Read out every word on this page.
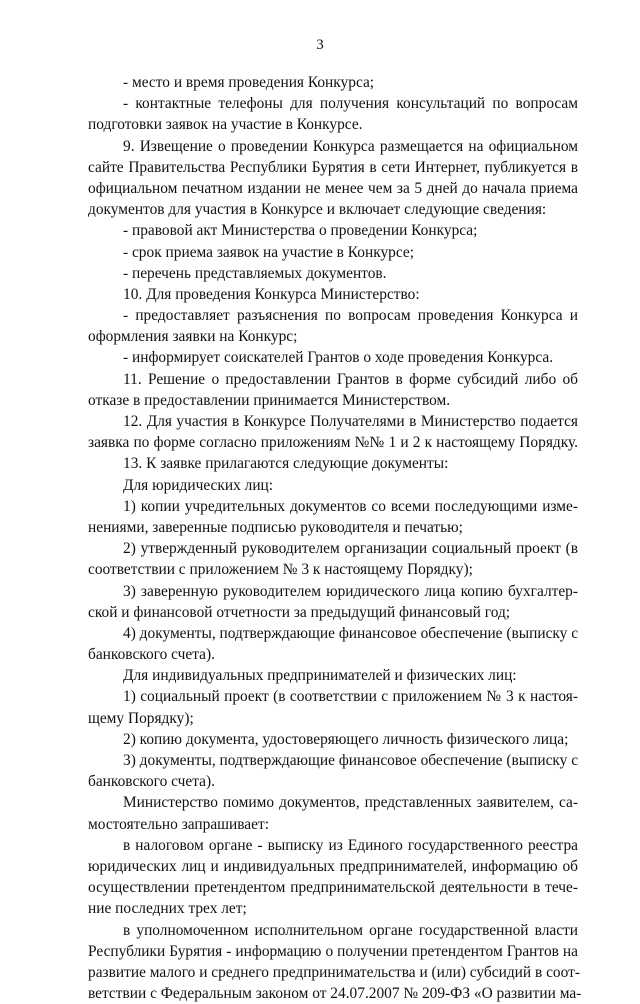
3
- место и время проведения Конкурса;
- контактные телефоны для получения консультаций по вопросам
подготовки заявок на участие в Конкурсе.
9. Извещение о проведении Конкурса размещается на официальном
сайте Правительства Республики Бурятия в сети Интернет, публикуется в
официальном печатном издании не менее чем за 5 дней до начала приема
документов для участия в Конкурсе и включает следующие сведения:
- правовой акт Министерства о проведении Конкурса;
- срок приема заявок на участие в Конкурсе;
- перечень представляемых документов.
10. Для проведения Конкурса Министерство:
- предоставляет разъяснения по вопросам проведения Конкурса и
оформления заявки на Конкурс;
- информирует соискателей Грантов о ходе проведения Конкурса.
11. Решение о предоставлении Грантов в форме субсидий либо об
отказе в предоставлении принимается Министерством.
12. Для участия в Конкурсе Получателями в Министерство подается
заявка по форме согласно приложениям №№ 1 и 2 к настоящему Порядку.
13. К заявке прилагаются следующие документы:
Для юридических лиц:
1) копии учредительных документов со всеми последующими изме-
нениями, заверенные подписью руководителя и печатью;
2) утвержденный руководителем организации социальный проект (в
соответствии с приложением № 3 к настоящему Порядку);
3) заверенную руководителем юридического лица копию бухгалтер-
ской и финансовой отчетности за предыдущий финансовый год;
4) документы, подтверждающие финансовое обеспечение (выписку с
банковского счета).
Для индивидуальных предпринимателей и физических лиц:
1) социальный проект (в соответствии с приложением № 3 к настоя-
щему Порядку);
2) копию документа, удостоверяющего личность физического лица;
3) документы, подтверждающие финансовое обеспечение (выписку с
банковского счета).
Министерство помимо документов, представленных заявителем, са-
мостоятельно запрашивает:
в налоговом органе - выписку из Единого государственного реестра
юридических лиц и индивидуальных предпринимателей, информацию об
осуществлении претендентом предпринимательской деятельности в тече-
ние последних трех лет;
в уполномоченном исполнительном органе государственной власти
Республики Бурятия - информацию о получении претендентом Грантов на
развитие малого и среднего предпринимательства и (или) субсидий в соот-
ветствии с Федеральным законом от 24.07.2007 № 209-ФЗ «О развитии ма-
